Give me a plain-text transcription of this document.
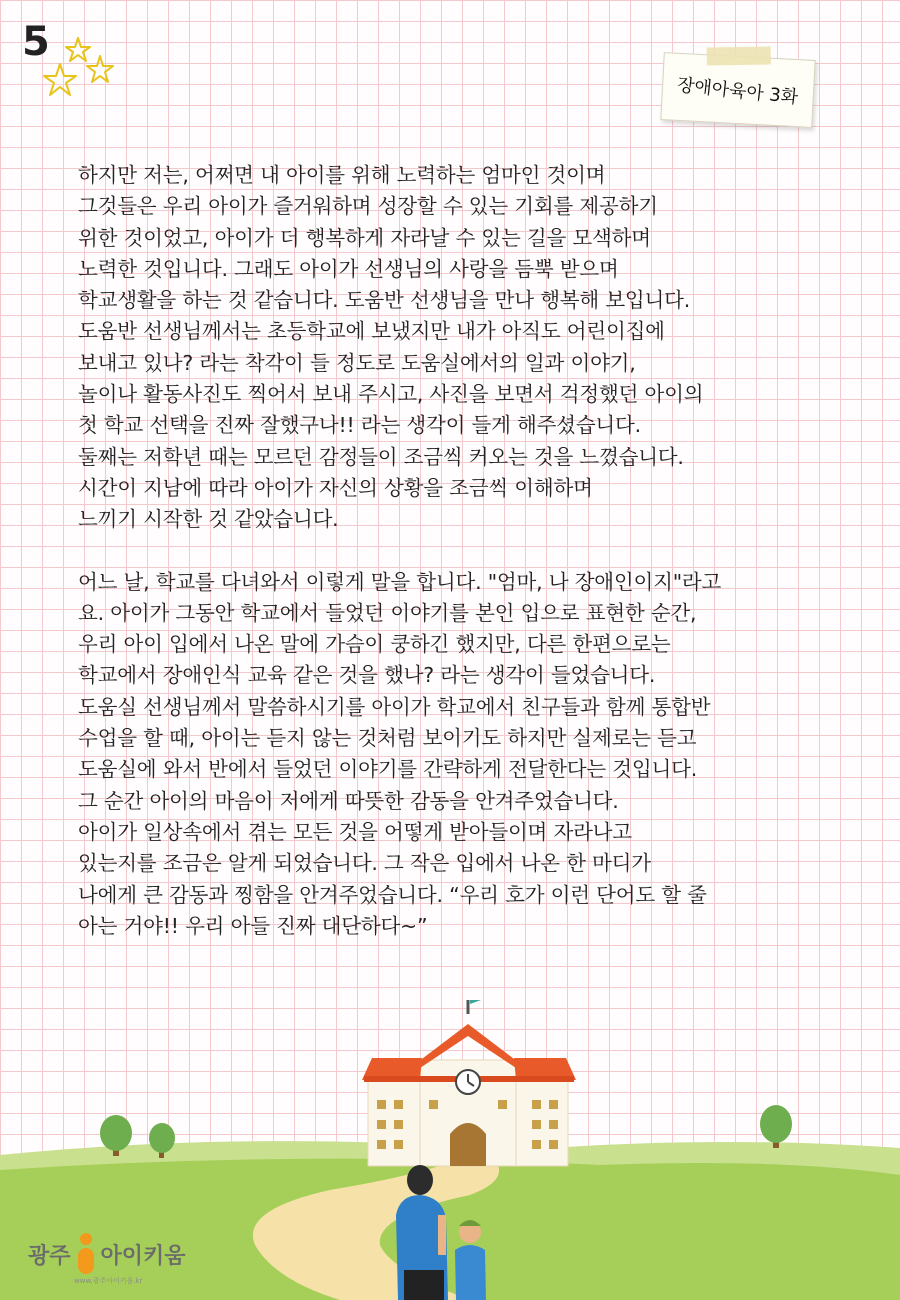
5
장애아육아 3화
하지만 저는, 어쩌면 내 아이를 위해 노력하는 엄마인 것이며
그것들은 우리 아이가 즐거워하며 성장할 수 있는 기회를 제공하기
위한 것이었고, 아이가 더 행복하게 자라날 수 있는 길을 모색하며
노력한 것입니다. 그래도 아이가 선생님의 사랑을 듬뿍 받으며
학교생활을 하는 것 같습니다. 도움반 선생님을 만나 행복해 보입니다.
도움반 선생님께서는 초등학교에 보냈지만 내가 아직도 어린이집에
보내고 있나? 라는 착각이 들 정도로 도움실에서의 일과 이야기,
놀이나 활동사진도 찍어서 보내 주시고, 사진을 보면서 걱정했던 아이의
첫 학교 선택을 진짜 잘했구나!! 라는 생각이 들게 해주셨습니다.
둘째는 저학년 때는 모르던 감정들이 조금씩 커오는 것을 느꼈습니다.
시간이 지남에 따라 아이가 자신의 상황을 조금씩 이해하며
느끼기 시작한 것 같았습니다.
어느 날, 학교를 다녀와서 이렇게 말을 합니다. "엄마, 나 장애인이지"라고
요. 아이가 그동안 학교에서 들었던 이야기를 본인 입으로 표현한 순간,
우리 아이 입에서 나온 말에 가슴이 쿵하긴 했지만, 다른 한편으로는
학교에서 장애인식 교육 같은 것을 했나? 라는 생각이 들었습니다.
도움실 선생님께서 말씀하시기를 아이가 학교에서 친구들과 함께 통합반
수업을 할 때, 아이는 듣지 않는 것처럼 보이기도 하지만 실제로는 듣고
도움실에 와서 반에서 들었던 이야기를 간략하게 전달한다는 것입니다.
그 순간 아이의 마음이 저에게 따뜻한 감동을 안겨주었습니다.
아이가 일상속에서 겪는 모든 것을 어떻게 받아들이며 자라나고
있는지를 조금은 알게 되었습니다. 그 작은 입에서 나온 한 마디가
나에게 큰 감동과 찡함을 안겨주었습니다. “우리 호가 이런 단어도 할 줄
아는 거야!! 우리 아들 진짜 대단하다~”
광주 아이키움
www.광주아이키움.kr
